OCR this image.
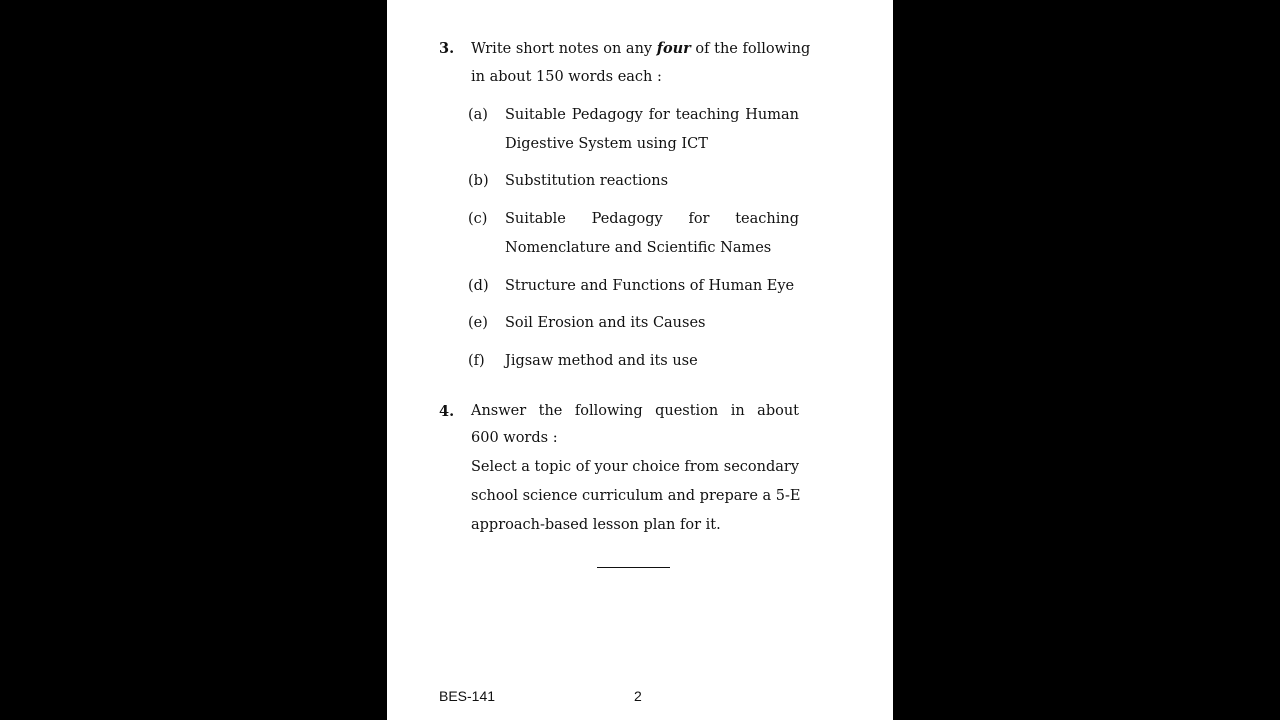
3. Write short notes on any four of the following
in about 150 words each :
(a) Suitable Pedagogy for teaching Human
Digestive System using ICT
(b) Substitution reactions
(c) Suitable Pedagogy for teaching
Nomenclature and Scientific Names
(d) Structure and Functions of Human Eye
(e) Soil Erosion and its Causes
(f) Jigsaw method and its use
4. Answer the following question in about
600 words :
Select a topic of your choice from secondary
school science curriculum and prepare a 5-E
approach-based lesson plan for it.
BES-141	2
